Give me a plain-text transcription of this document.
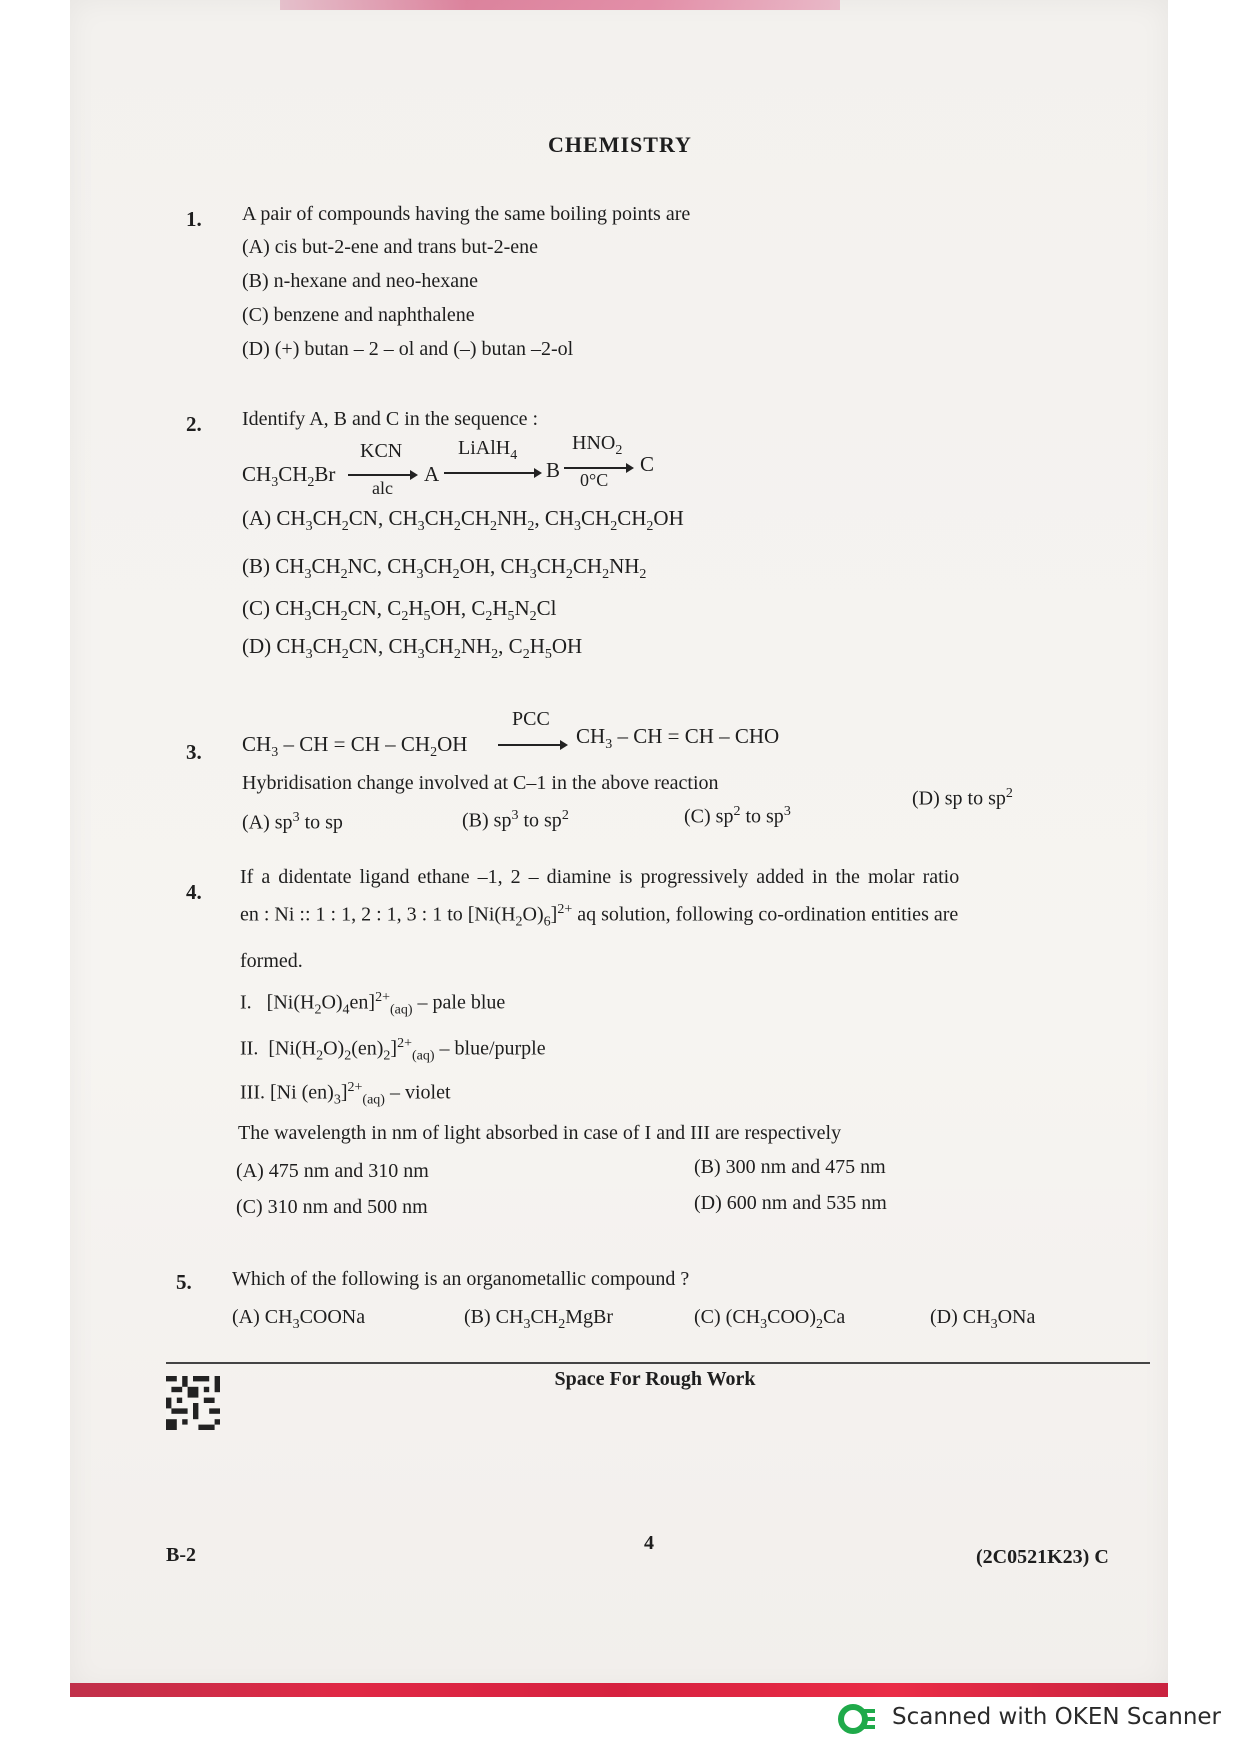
CHEMISTRY
1. A pair of compounds having the same boiling points are
(A) cis but-2-ene and trans but-2-ene
(B) n-hexane and neo-hexane
(C) benzene and naphthalene
(D) (+) butan – 2 – ol and (–) butan –2-ol
2. Identify A, B and C in the sequence :
$CH_3CH_2Br$
KCN
alc
A
LiAlH$_4$
B
$HNO_2$
0°C
C
(A) $CH_3CH_2CN$, $CH_3CH_2CH_2NH_2$, $CH_3CH_2CH_2OH$
(B) $CH_3CH_2NC$, $CH_3CH_2OH$, $CH_3CH_2CH_2NH_2$
(C) $CH_3CH_2CN$, $C_2H_5OH$, $C_2H_5N_2Cl$
(D) $CH_3CH_2CN$, $CH_3CH_2NH_2$, $C_2H_5OH$
3. $CH_3$ – CH = CH – $CH_2OH$
PCC
$CH_3$ – CH = CH – CHO
Hybridisation change involved at C–1 in the above reaction
(A) $sp^3$ to sp	(B) $sp^3$ to $sp^2$	(C) $sp^2$ to $sp^3$
(D) sp to $sp^2$
4.
If a didentate ligand ethane –1, 2 – diamine is progressively added in the molar ratio
en : Ni :: 1 : 1, 2 : 1, 3 : 1 to $[Ni(H_2O)_6]^{2+}$ aq solution, following co-ordination entities are
formed.
I.   $[Ni(H_2O)_4en]^{2+}_{(aq)}$ – pale blue
II.  $[Ni(H_2O)_2(en)_2]^{2+}_{(aq)}$ – blue/purple
III. [Ni $(en)_3]^{2+}_{(aq)}$ – violet
The wavelength in nm of light absorbed in case of I and III are respectively
(A) 475 nm and 310 nm	(B) 300 nm and 475 nm
(C) 310 nm and 500 nm	(D) 600 nm and 535 nm
5. Which of the following is an organometallic compound ?
(A) $CH_3COONa$	(B) $CH_3CH_2MgBr$	(C) $(CH_3COO)_2Ca$	(D) $CH_3ONa$
Space For Rough Work
B-2
4
(2C0521K23) C
Scanned with OKEN Scanner
